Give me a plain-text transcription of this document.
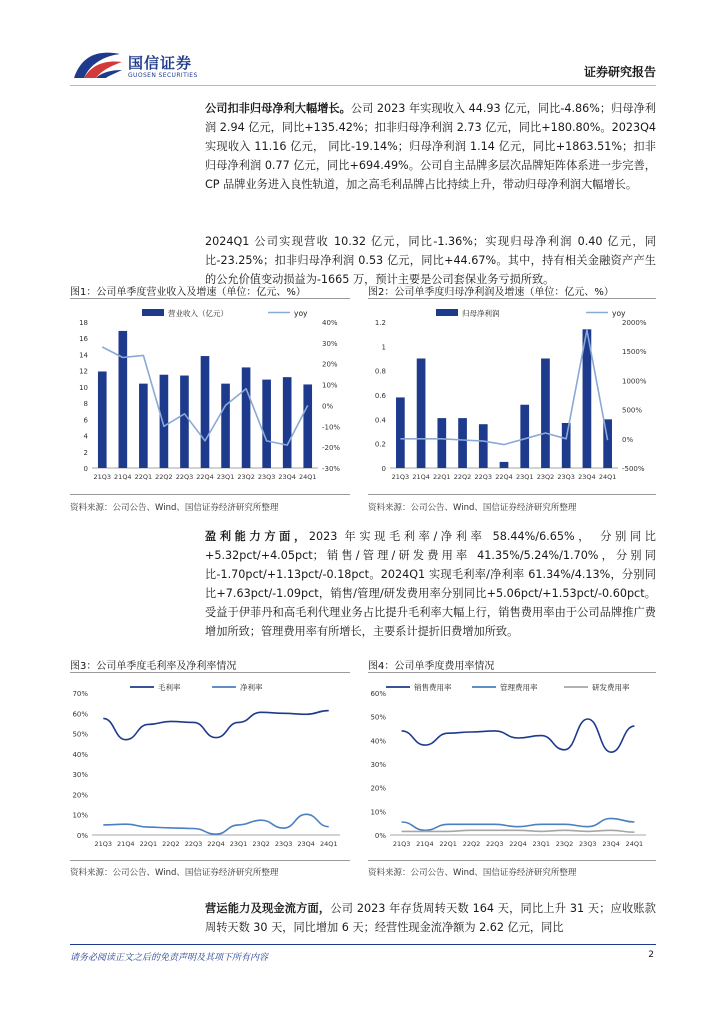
国信证券
GUOSEN SECURITIES	证券研究报告
公司扣非归母净利大幅增长。公司 2023 年实现收入 44.93 亿元，同比-4.86%；归母净利润 2.94 亿元，同比+135.42%；扣非归母净利润 2.73 亿元，同比+180.80%。2023Q4 实现收入 11.16 亿元， 同比-19.14%；归母净利润 1.14 亿元，同比+1863.51%；扣非归母净利润 0.77 亿元，同比+694.49%。公司自主品牌多层次品牌矩阵体系进一步完善，CP 品牌业务进入良性轨道，加之高毛利品牌占比持续上升，带动归母净利润大幅增长。
2024Q1 公司实现营收 10.32 亿元，同比-1.36%；实现归母净利润 0.40 亿元，同比-23.25%；扣非归母净利润 0.53 亿元，同比+44.67%。其中，持有相关金融资产产生的公允价值变动损益为-1665 万，预计主要是公司套保业务亏损所致。
图1：公司单季度营业收入及增速（单位：亿元、%）	图2：公司单季度归母净利润及增速（单位：亿元、%）
0
2
4
6
8
10
12
14
16
18
-30%
-20%
-10%
0%
10%
20%
30%
40%
21Q3 21Q4 22Q1 22Q2 22Q3 22Q4 23Q1 23Q2 23Q3 23Q4 24Q1
营业收入（亿元）	yoy
0
0.2
0.4
0.6
0.8
1
1.2
-500%
0%
500%
1000%
1500%
2000%
21Q3 21Q4 22Q1 22Q2 22Q3 22Q4 23Q1 23Q2 23Q3 23Q4 24Q1
归母净利润	yoy
资料来源：公司公告、Wind、国信证券经济研究所整理	资料来源：公司公告、Wind、国信证券经济研究所整理
盈利能力方面，2023 年实现毛利率/净利率 58.44%/6.65%， 分别同比+5.32pct/+4.05pct；销售/管理/研发费用率 41.35%/5.24%/1.70%，分别同比-1.70pct/+1.13pct/-0.18pct。2024Q1 实现毛利率/净利率 61.34%/4.13%，分别同比+7.63pct/-1.09pct，销售/管理/研发费用率分别同比+5.06pct/+1.53pct/-0.60pct。受益于伊菲丹和高毛利代理业务占比提升毛利率大幅上行，销售费用率由于公司品牌推广费增加所致；管理费用率有所增长，主要系计提折旧费增加所致。
图3：公司单季度毛利率及净利率情况	图4：公司单季度费用率情况
0%
10%
20%
30%
40%
50%
60%
70%
21Q3 21Q4 22Q1 22Q2 22Q3 22Q4 23Q1 23Q2 23Q3 23Q4 24Q1
毛利率	净利率
0%
10%
20%
30%
40%
50%
60%
21Q3 21Q4 22Q1 22Q2 22Q3 22Q4 23Q1 23Q2 23Q3 23Q4 24Q1
销售费用率	管理费用率	研发费用率
资料来源：公司公告、Wind、国信证券经济研究所整理	资料来源：公司公告、Wind、国信证券经济研究所整理
营运能力及现金流方面，公司 2023 年存货周转天数 164 天，同比上升 31 天；应收账款周转天数 30 天，同比增加 6 天；经营性现金流净额为 2.62 亿元，同比
请务必阅读正文之后的免责声明及其项下所有内容	2
